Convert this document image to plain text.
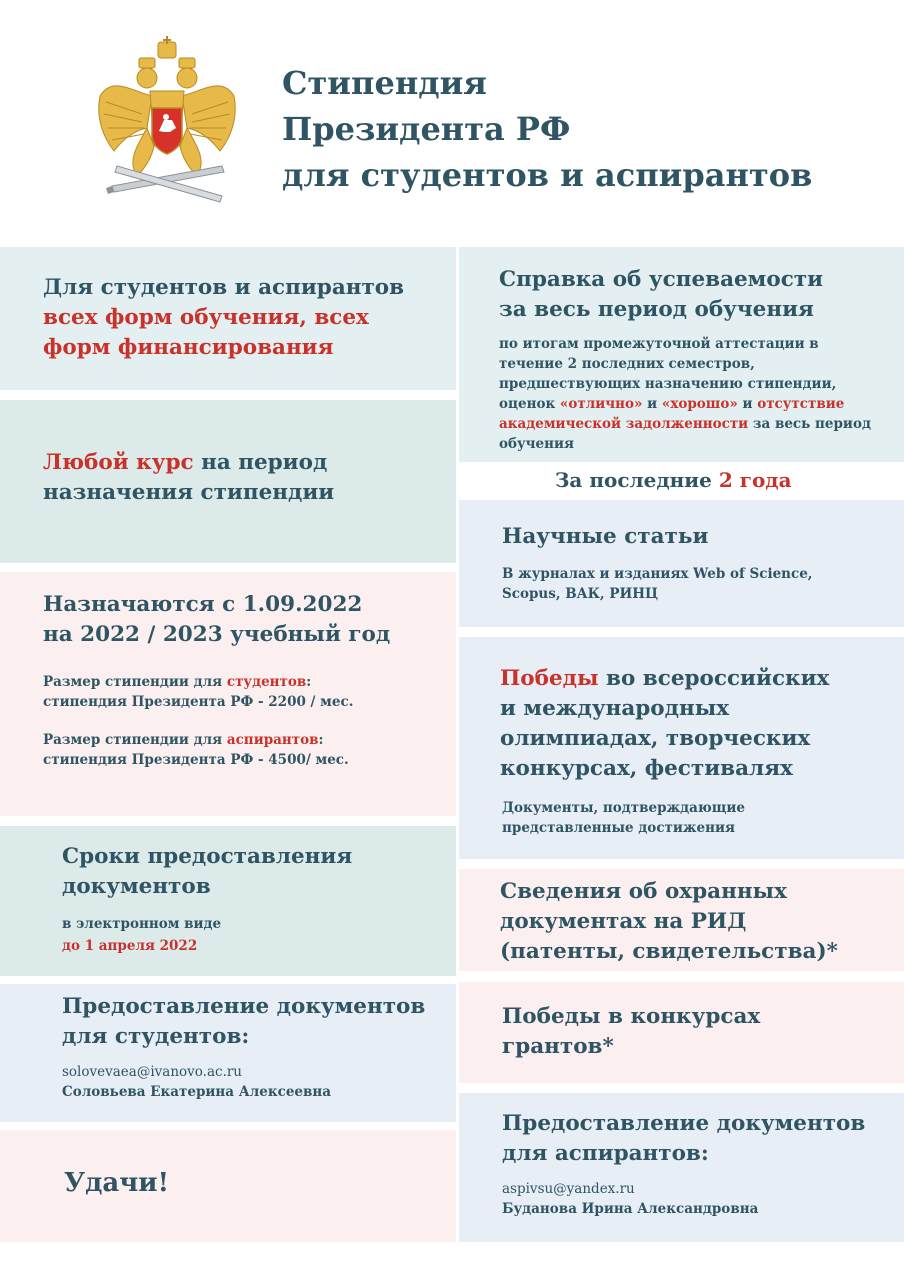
Стипендия
Президента РФ
для студентов и аспирантов
Для студентов и аспирантов
всех форм обучения, всех
форм финансирования
Любой курс на период
назначения стипендии
Назначаются с 1.09.2022
на 2022 / 2023 учебный год
Размер стипендии для студентов:
стипендия Президента РФ - 2200 / мес.
Размер стипендии для аспирантов:
стипендия Президента РФ - 4500/ мес.
Сроки предоставления
документов
в электронном виде
до 1 апреля 2022
Предоставление документов
для студентов:
solovevaea@ivanovo.ac.ru
Соловьева Екатерина Алексеевна
Удачи!
Справка об успеваемости
за весь период обучения
по итогам промежуточной аттестации в
течение 2 последних семестров,
предшествующих назначению стипендии,
оценок «отлично» и «хорошо» и отсутствие
академической задолженности за весь период
обучения
За последние 2 года
Научные статьи
В журналах и изданиях Web of Science,
Scopus, ВАК, РИНЦ
Победы во всероссийских
и международных
олимпиадах, творческих
конкурсах, фестивалях
Документы, подтверждающие
представленные достижения
Сведения об охранных
документах на РИД
(патенты, свидетельства)*
Победы в конкурсах
грантов*
Предоставление документов
для аспирантов:
aspivsu@yandex.ru
Буданова Ирина Александровна
